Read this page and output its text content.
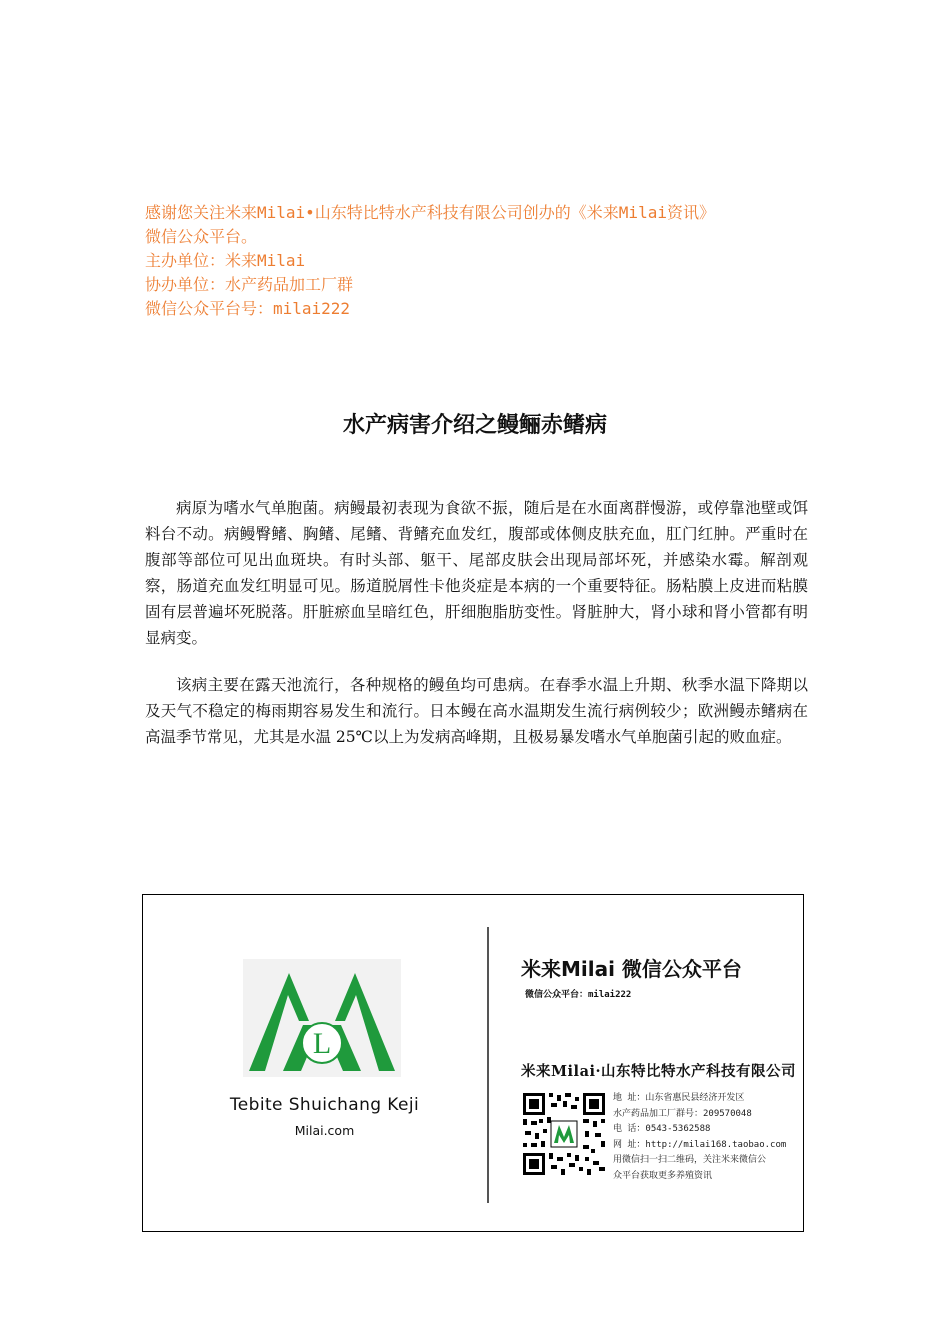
感谢您关注米来Milai•山东特比特水产科技有限公司创办的《米来Milai资讯》
微信公众平台。
主办单位：米来Milai
协办单位：水产药品加工厂群
微信公众平台号：milai222
水产病害介绍之鳗鲡赤鳍病

病原为嗜水气单胞菌。病鳗最初表现为食欲不振，随后是在水面离群慢游，或停靠池壁或饵料台不动。病鳗臀鳍、胸鳍、尾鳍、背鳍充血发红，腹部或体侧皮肤充血，肛门红肿。严重时在腹部等部位可见出血斑块。有时头部、躯干、尾部皮肤会出现局部坏死，并感染水霉。解剖观察，肠道充血发红明显可见。肠道脱屑性卡他炎症是本病的一个重要特征。肠粘膜上皮进而粘膜固有层普遍坏死脱落。肝脏瘀血呈暗红色，肝细胞脂肪变性。肾脏肿大，肾小球和肾小管都有明显病变。

该病主要在露天池流行，各种规格的鳗鱼均可患病。在春季水温上升期、秋季水温下降期以及天气不稳定的梅雨期容易发生和流行。日本鳗在高水温期发生流行病例较少；欧洲鳗赤鳍病在高温季节常见，尤其是水温 25℃以上为发病高峰期，且极易暴发嗜水气单胞菌引起的败血症。

L
Tebite Shuichang Keji
Milai.com
米来Milai 微信公众平台
微信公众平台：milai222
米来Milai·山东特比特水产科技有限公司
地 址：山东省惠民县经济开发区
水产药品加工厂群号：209570048
电 话：0543-5362588
网 址：http://milai168.taobao.com
用微信扫一扫二维码，关注米来微信公
众平台获取更多养殖资讯
